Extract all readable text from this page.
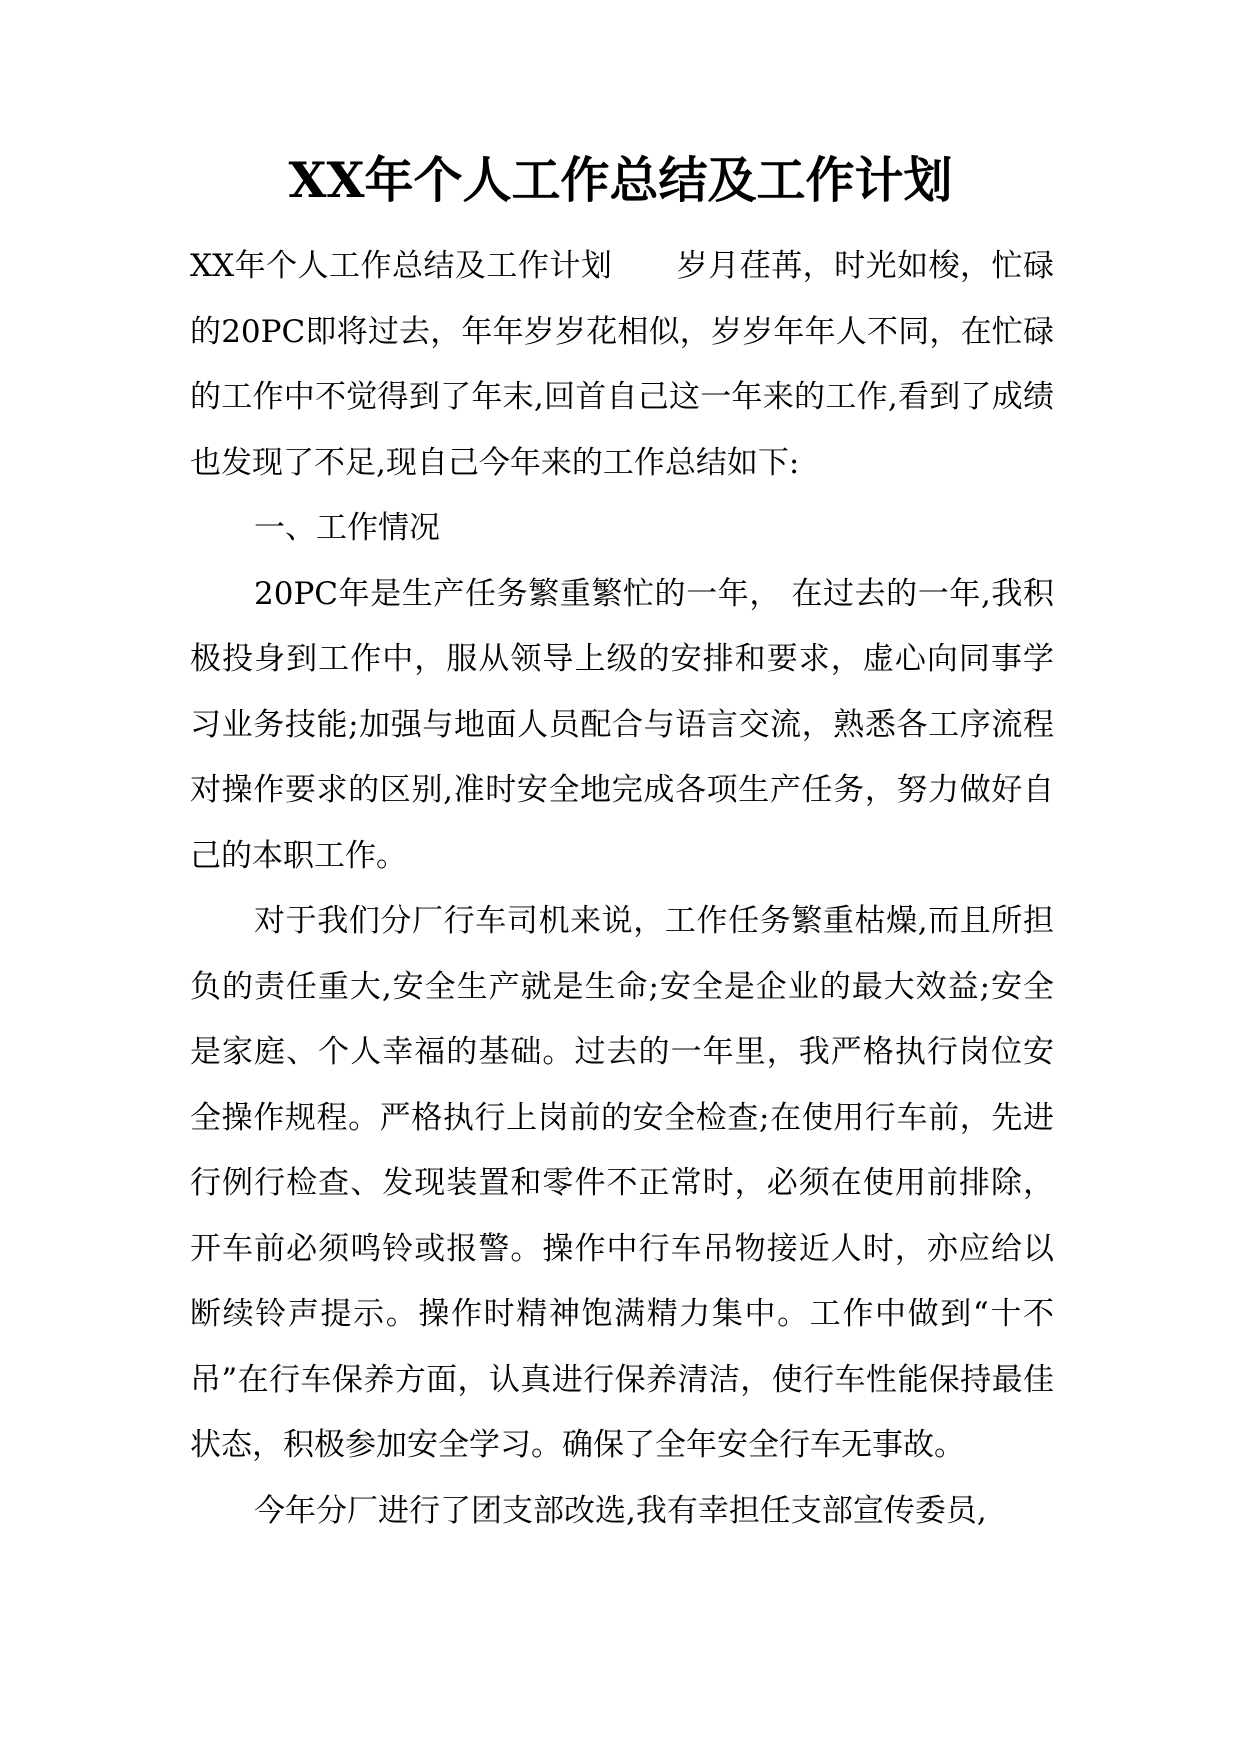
XX年个人工作总结及工作计划

XX年个人工作总结及工作计划 岁月荏苒，时光如梭，忙碌的20PC即将过去，年年岁岁花相似，岁岁年年人不同，在忙碌的工作中不觉得到了年末,回首自己这一年来的工作,看到了成绩也发现了不足,现自己今年来的工作总结如下:

一、工作情况

20PC年是生产任务繁重繁忙的一年， 在过去的一年,我积极投身到工作中，服从领导上级的安排和要求，虚心向同事学习业务技能;加强与地面人员配合与语言交流，熟悉各工序流程对操作要求的区别,准时安全地完成各项生产任务，努力做好自己的本职工作。

对于我们分厂行车司机来说，工作任务繁重枯燥,而且所担负的责任重大,安全生产就是生命;安全是企业的最大效益;安全是家庭、个人幸福的基础。过去的一年里，我严格执行岗位安全操作规程。严格执行上岗前的安全检查;在使用行车前，先进行例行检查、发现装置和零件不正常时，必须在使用前排除，开车前必须鸣铃或报警。操作中行车吊物接近人时，亦应给以断续铃声提示。操作时精神饱满精力集中。工作中做到“十不吊”在行车保养方面，认真进行保养清洁，使行车性能保持最佳状态，积极参加安全学习。确保了全年安全行车无事故。

今年分厂进行了团支部改选,我有幸担任支部宣传委员,
